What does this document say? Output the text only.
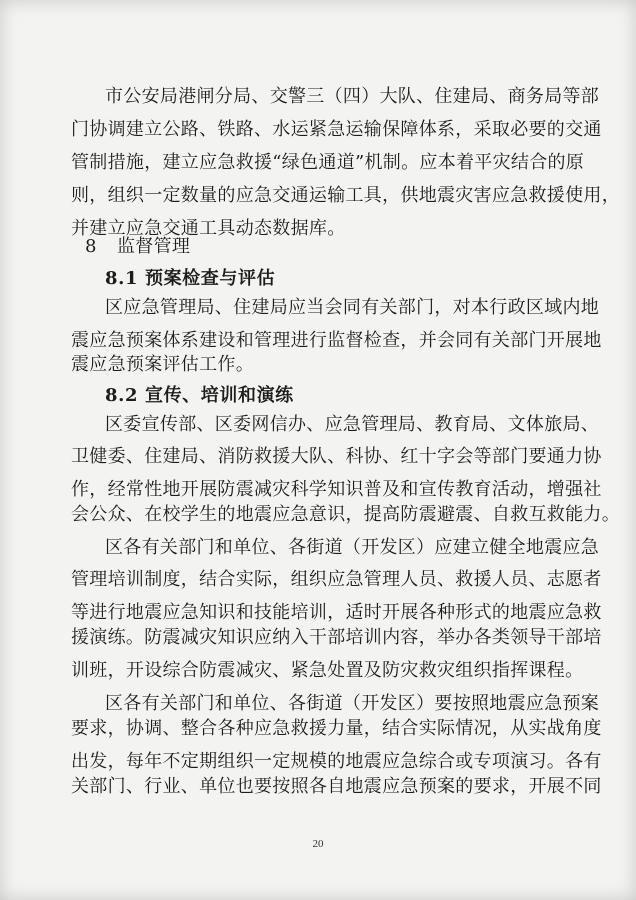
市公安局港闸分局、交警三（四）大队、住建局、商务局等部
门协调建立公路、铁路、水运紧急运输保障体系，采取必要的交通
管制措施，建立应急救援“绿色通道”机制。应本着平灾结合的原
则，组织一定数量的应急交通运输工具，供地震灾害应急救援使用，
并建立应急交通工具动态数据库。
8 监督管理
8.1 预案检查与评估
区应急管理局、住建局应当会同有关部门，对本行政区域内地
震应急预案体系建设和管理进行监督检查，并会同有关部门开展地
震应急预案评估工作。
8.2 宣传、培训和演练
区委宣传部、区委网信办、应急管理局、教育局、文体旅局、
卫健委、住建局、消防救援大队、科协、红十字会等部门要通力协
作，经常性地开展防震减灾科学知识普及和宣传教育活动，增强社
会公众、在校学生的地震应急意识，提高防震避震、自救互救能力。
区各有关部门和单位、各街道（开发区）应建立健全地震应急
管理培训制度，结合实际，组织应急管理人员、救援人员、志愿者
等进行地震应急知识和技能培训，适时开展各种形式的地震应急救
援演练。防震减灾知识应纳入干部培训内容，举办各类领导干部培
训班，开设综合防震减灾、紧急处置及防灾救灾组织指挥课程。
区各有关部门和单位、各街道（开发区）要按照地震应急预案
要求，协调、整合各种应急救援力量，结合实际情况，从实战角度
出发，每年不定期组织一定规模的地震应急综合或专项演习。各有
关部门、行业、单位也要按照各自地震应急预案的要求，开展不同
20
